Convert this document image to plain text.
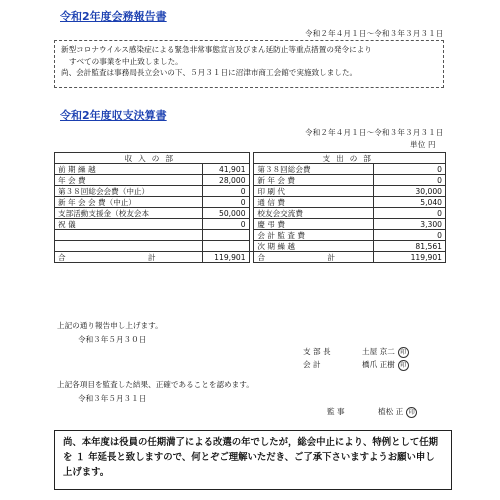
令和2年度会務報告書
令和２年４月１日～令和３年３月３１日
新型コロナウイルス感染症による緊急非常事態宣言及びまん延防止等重点措置の発令により
すべての事業を中止致しました。
尚、会計監査は事務局長立会いの下、５月３１日に沼津市商工会館で実施致しました。
令和2年度収支決算書
令和２年４月１日～令和３年３月３１日
単位 円
収入の部			支出の部	
前 期 繰 越	41,901		第３８回総会費	0
年 会 費	28,000		新 年 会 費	0
第３８回総会会費（中止）	0		印 刷 代	30,000
新 年 会 会 費（中止）	0		通 信 費	5,040
支部活動支援金（校友会本	50,000		校友会交流費	0
祝 儀	0		慶 弔 費	3,300
			会 計 監 査 費	0
			次 期 繰 越	81,561
合 計	119,901		合 計	119,901
上記の通り報告申し上げます。
令和３年５月３０日
支 部 長	土屋 京二 印
会 計	橋爪 正樹 印
上記各項目を監査した結果、正確であることを認めます。
令和３年５月３１日
監 事	植松 正 印
尚、本年度は役員の任期満了による改選の年でしたが，総会中止により、特例として任期を １ 年延長と致しますので、何とぞご理解いただき、ご了承下さいますようお願い申し上げます。
